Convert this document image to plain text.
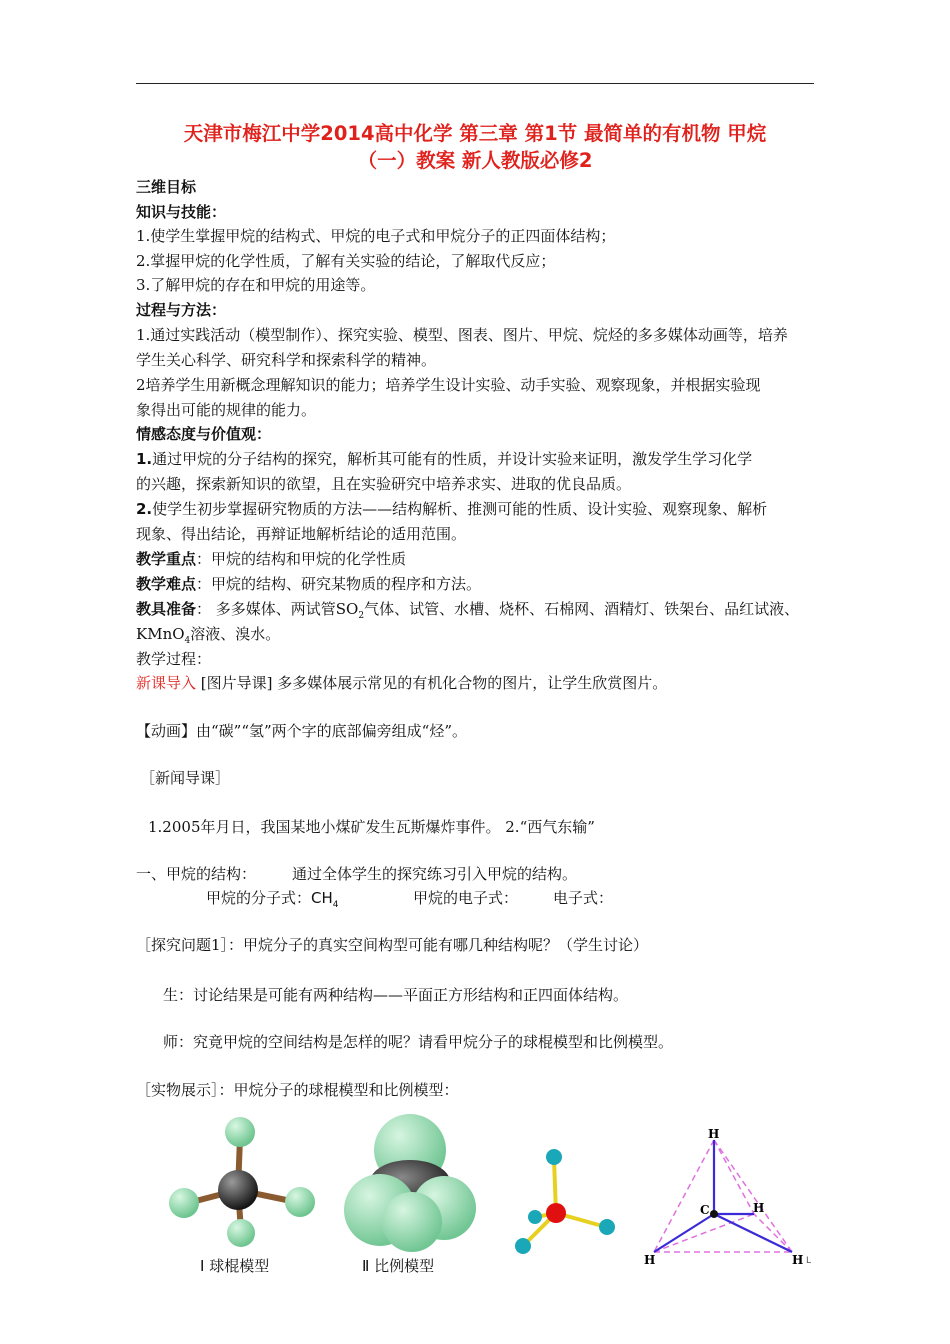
天津市梅江中学2014高中化学 第三章 第1节 最简单的有机物 甲烷
（一）教案 新人教版必修2
三维目标
知识与技能：
1.使学生掌握甲烷的结构式、甲烷的电子式和甲烷分子的正四面体结构；
2.掌握甲烷的化学性质，了解有关实验的结论，了解取代反应；
3.了解甲烷的存在和甲烷的用途等。
过程与方法：
1.通过实践活动（模型制作）、探究实验、模型、图表、图片、甲烷、烷烃的多多媒体动画等，培养
学生关心科学、研究科学和探索科学的精神。
2培养学生用新概念理解知识的能力；培养学生设计实验、动手实验、观察现象，并根据实验现
象得出可能的规律的能力。
情感态度与价值观：
1.通过甲烷的分子结构的探究，解析其可能有的性质，并设计实验来证明，激发学生学习化学
的兴趣，探索新知识的欲望，且在实验研究中培养求实、进取的优良品质。
2.使学生初步掌握研究物质的方法——结构解析、推测可能的性质、设计实验、观察现象、解析
现象、得出结论，再辩证地解析结论的适用范围。
教学重点：甲烷的结构和甲烷的化学性质
教学难点：甲烷的结构、研究某物质的程序和方法。
教具准备： 多多媒体、两试管$SO_2$气体、试管、水槽、烧杯、石棉网、酒精灯、铁架台、品红试液、
KMnO$_4$溶液、溴水。
教学过程：
新课导入 [图片导课] 多多媒体展示常见的有机化合物的图片，让学生欣赏图片。
【动画】由“碳”“氢”两个字的底部偏旁组成“烃”。
［新闻导课］
1.2005年月日，我国某地小煤矿发生瓦斯爆炸事件。 2.“西气东输”
一、甲烷的结构： 通过全体学生的探究练习引入甲烷的结构。
甲烷的分子式：$CH_4$	甲烷的电子式： 电子式：
［探究问题1］：甲烷分子的真实空间构型可能有哪几种结构呢？（学生讨论）
生：讨论结果是可能有两种结构——平面正方形结构和正四面体结构。
师：究竟甲烷的空间结构是怎样的呢？请看甲烷分子的球棍模型和比例模型。
［实物展示］：甲烷分子的球棍模型和比例模型：
Ⅰ 球棍模型	Ⅱ 比例模型
H
C	H
H	H L
